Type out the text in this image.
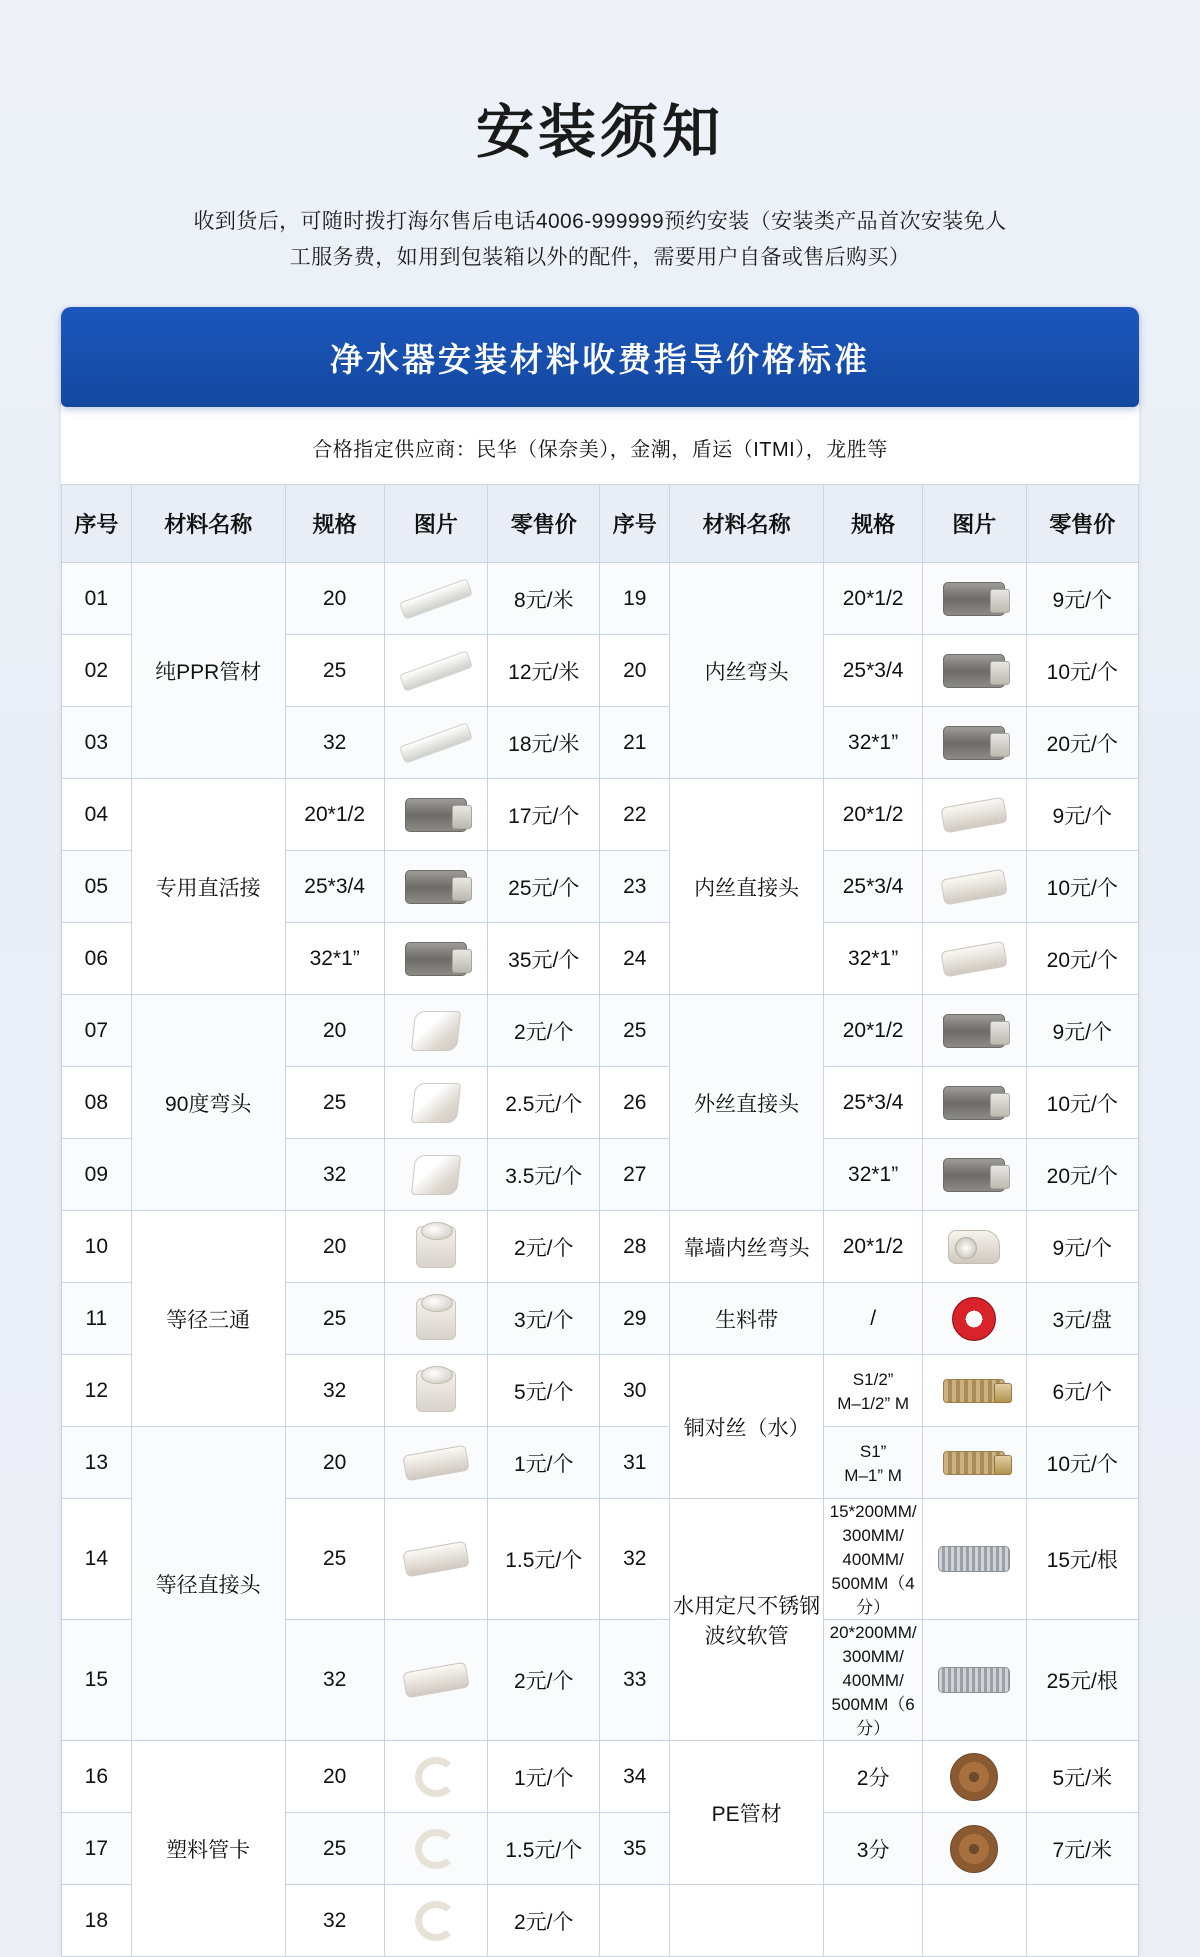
安装须知

收到货后，可随时拨打海尔售后电话4006-999999预约安装（安装类产品首次安装免人工服务费，如用到包装箱以外的配件，需要用户自备或售后购买）

净水器安装材料收费指导价格标准
合格指定供应商：民华（保奈美），金潮，盾运（ITMI），龙胜等
序号	材料名称	规格	图片	零售价	序号	材料名称	规格	图片	零售价
01	纯PPR管材	20		8元/米	19	内丝弯头	20*1/2		9元/个
02		25		12元/米	20		25*3/4		10元/个
03		32		18元/米	21		32*1”		20元/个
04	专用直活接	20*1/2		17元/个	22	内丝直接头	20*1/2		9元/个
05		25*3/4		25元/个	23		25*3/4		10元/个
06		32*1”		35元/个	24		32*1”		20元/个
07	90度弯头	20		2元/个	25	外丝直接头	20*1/2		9元/个
08		25		2.5元/个	26		25*3/4		10元/个
09		32		3.5元/个	27		32*1”		20元/个
10	等径三通	20		2元/个	28	靠墙内丝弯头	20*1/2		9元/个
11		25		3元/个	29	生料带	/		3元/盘
12		32		5元/个	30	铜对丝（水）	S1/2”
M–1/2” M		6元/个
13	等径直接头	20		1元/个	31		S1”
M–1” M		10元/个
14		25		1.5元/个	32	水用定尺不锈钢波纹软管	15*200MM/
300MM/
400MM/
500MM（4分）		15元/根
15		32		2元/个	33		20*200MM/
300MM/
400MM/
500MM（6分）		25元/根
16	塑料管卡	20		1元/个	34	PE管材	2分		5元/米
17		25		1.5元/个	35		3分		7元/米
18		32		2元/个					
